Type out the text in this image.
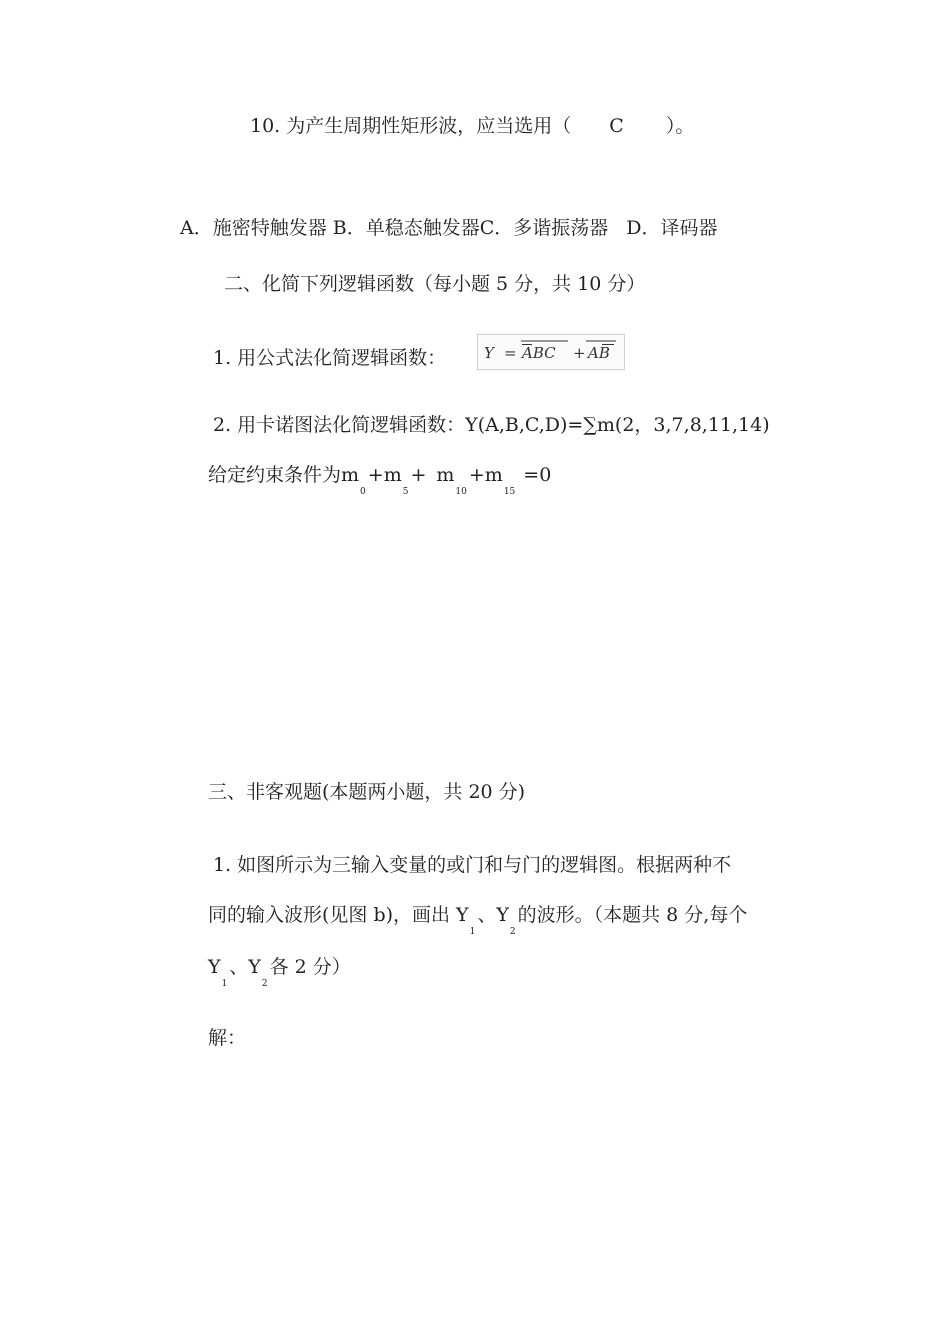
10. 为产生周期性矩形波，应当选用（ C ）。
A．施密特触发器 B．单稳态触发器C．多谐振荡器 D．译码器
二、化简下列逻辑函数（每小题 5 分，共 10 分）
1. 用公式法化简逻辑函数：	Y = ABC + AB
2. 用卡诺图法化简逻辑函数：Y(A,B,C,D)=∑m(2，3,7,8,11,14)
给定约束条件为m0+m5+ m10+m15=0
三、非客观题(本题两小题，共 20 分)
1. 如图所示为三输入变量的或门和与门的逻辑图。根据两种不
同的输入波形(见图 b)，画出 Y1、Y2的波形。（本题共 8 分,每个
Y1、Y2各 2 分）
解：
